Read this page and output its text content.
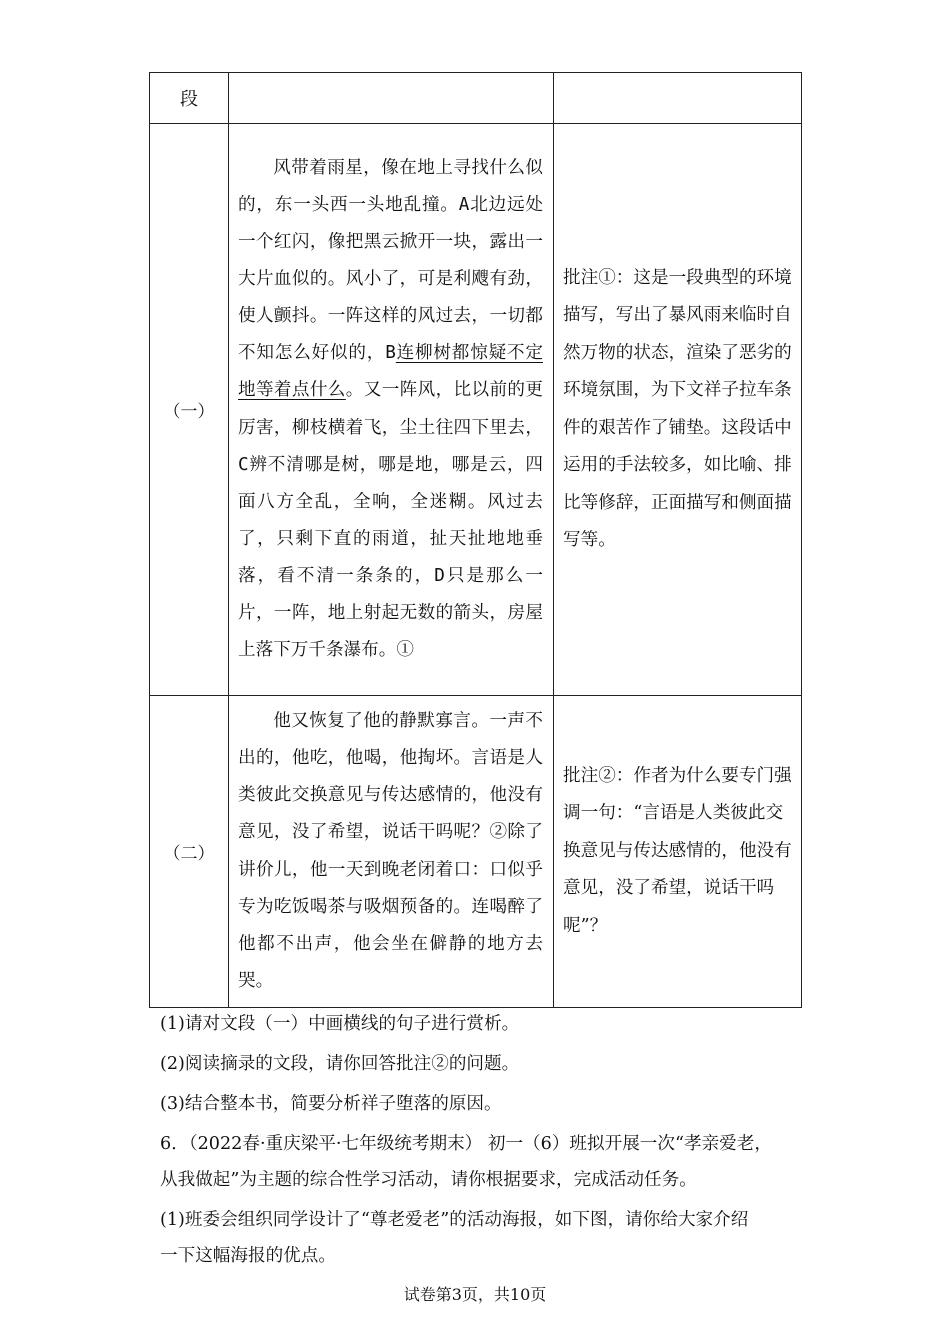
段		
（一）	风带着雨星，像在地上寻找什么似的，东一头西一头地乱撞。A北边远处一个红闪，像把黑云掀开一块，露出一大片血似的。风小了，可是利飕有劲，使人颤抖。一阵这样的风过去，一切都不知怎么好似的，B连柳树都惊疑不定地等着点什么。又一阵风，比以前的更厉害，柳枝横着飞，尘土往四下里去，C辨不清哪是树，哪是地，哪是云，四面八方全乱，全响，全迷糊。风过去了，只剩下直的雨道，扯天扯地地垂落，看不清一条条的，D只是那么一片，一阵，地上射起无数的箭头，房屋上落下万千条瀑布。①	批注①：这是一段典型的环境描写，写出了暴风雨来临时自然万物的状态，渲染了恶劣的环境氛围，为下文祥子拉车条件的艰苦作了铺垫。这段话中运用的手法较多，如比喻、排比等修辞，正面描写和侧面描写等。

（二）	他又恢复了他的静默寡言。一声不出的，他吃，他喝，他掏坏。言语是人类彼此交换意见与传达感情的，他没有意见，没了希望，说话干吗呢？②除了讲价儿，他一天到晚老闭着口：口似乎专为吃饭喝茶与吸烟预备的。连喝醉了他都不出声，他会坐在僻静的地方去哭。	批注②：作者为什么要专门强调一句：“言语是人类彼此交换意见与传达感情的，他没有意见，没了希望，说话干吗呢”？
(1)请对文段（一）中画横线的句子进行赏析。
(2)阅读摘录的文段，请你回答批注②的问题。
(3)结合整本书，简要分析祥子堕落的原因。
6．（2022春·重庆梁平·七年级统考期末） 初一（6）班拟开展一次“孝亲爱老，
从我做起”为主题的综合性学习活动，请你根据要求，完成活动任务。
(1)班委会组织同学设计了“尊老爱老”的活动海报，如下图，请你给大家介绍
一下这幅海报的优点。
试卷第3页，共10页
